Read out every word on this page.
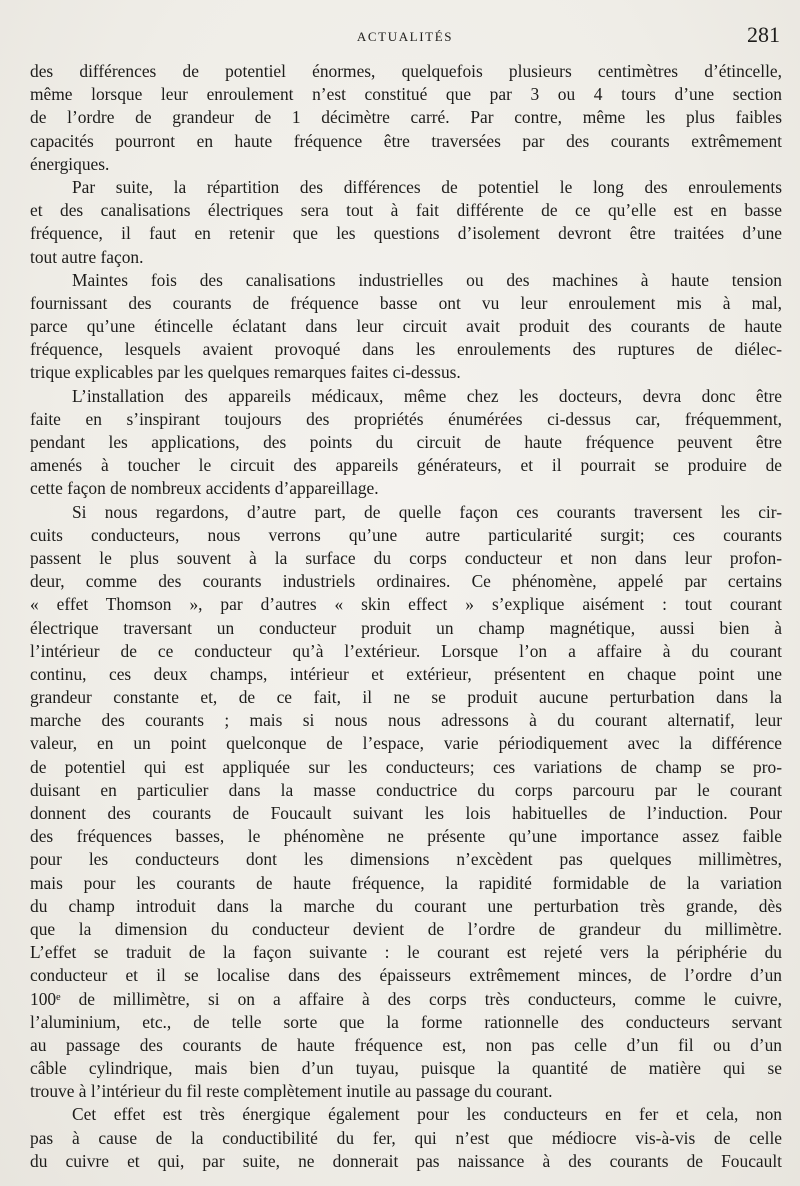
ACTUALITÉS	281
des différences de potentiel énormes, quelquefois plusieurs centimètres d’étincelle,
même lorsque leur enroulement n’est constitué que par 3 ou 4 tours d’une section
de l’ordre de grandeur de 1 décimètre carré. Par contre, même les plus faibles
capacités pourront en haute fréquence être traversées par des courants extrêmement
énergiques.
Par suite, la répartition des différences de potentiel le long des enroulements
et des canalisations électriques sera tout à fait différente de ce qu’elle est en basse
fréquence, il faut en retenir que les questions d’isolement devront être traitées d’une
tout autre façon.
Maintes fois des canalisations industrielles ou des machines à haute tension
fournissant des courants de fréquence basse ont vu leur enroulement mis à mal,
parce qu’une étincelle éclatant dans leur circuit avait produit des courants de haute
fréquence, lesquels avaient provoqué dans les enroulements des ruptures de diélec-
trique explicables par les quelques remarques faites ci-dessus.
L’installation des appareils médicaux, même chez les docteurs, devra donc être
faite en s’inspirant toujours des propriétés énumérées ci-dessus car, fréquemment,
pendant les applications, des points du circuit de haute fréquence peuvent être
amenés à toucher le circuit des appareils générateurs, et il pourrait se produire de
cette façon de nombreux accidents d’appareillage.
Si nous regardons, d’autre part, de quelle façon ces courants traversent les cir-
cuits conducteurs, nous verrons qu’une autre particularité surgit; ces courants
passent le plus souvent à la surface du corps conducteur et non dans leur profon-
deur, comme des courants industriels ordinaires. Ce phénomène, appelé par certains
« effet Thomson », par d’autres « skin effect » s’explique aisément : tout courant
électrique traversant un conducteur produit un champ magnétique, aussi bien à
l’intérieur de ce conducteur qu’à l’extérieur. Lorsque l’on a affaire à du courant
continu, ces deux champs, intérieur et extérieur, présentent en chaque point une
grandeur constante et, de ce fait, il ne se produit aucune perturbation dans la
marche des courants ; mais si nous nous adressons à du courant alternatif, leur
valeur, en un point quelconque de l’espace, varie périodiquement avec la différence
de potentiel qui est appliquée sur les conducteurs; ces variations de champ se pro-
duisant en particulier dans la masse conductrice du corps parcouru par le courant
donnent des courants de Foucault suivant les lois habituelles de l’induction. Pour
des fréquences basses, le phénomène ne présente qu’une importance assez faible
pour les conducteurs dont les dimensions n’excèdent pas quelques millimètres,
mais pour les courants de haute fréquence, la rapidité formidable de la variation
du champ introduit dans la marche du courant une perturbation très grande, dès
que la dimension du conducteur devient de l’ordre de grandeur du millimètre.
L’effet se traduit de la façon suivante : le courant est rejeté vers la périphérie du
conducteur et il se localise dans des épaisseurs extrêmement minces, de l’ordre d’un
100ᵉ de millimètre, si on a affaire à des corps très conducteurs, comme le cuivre,
l’aluminium, etc., de telle sorte que la forme rationnelle des conducteurs servant
au passage des courants de haute fréquence est, non pas celle d’un fil ou d’un
câble cylindrique, mais bien d’un tuyau, puisque la quantité de matière qui se
trouve à l’intérieur du fil reste complètement inutile au passage du courant.
Cet effet est très énergique également pour les conducteurs en fer et cela, non
pas à cause de la conductibilité du fer, qui n’est que médiocre vis-à-vis de celle
du cuivre et qui, par suite, ne donnerait pas naissance à des courants de Foucault
